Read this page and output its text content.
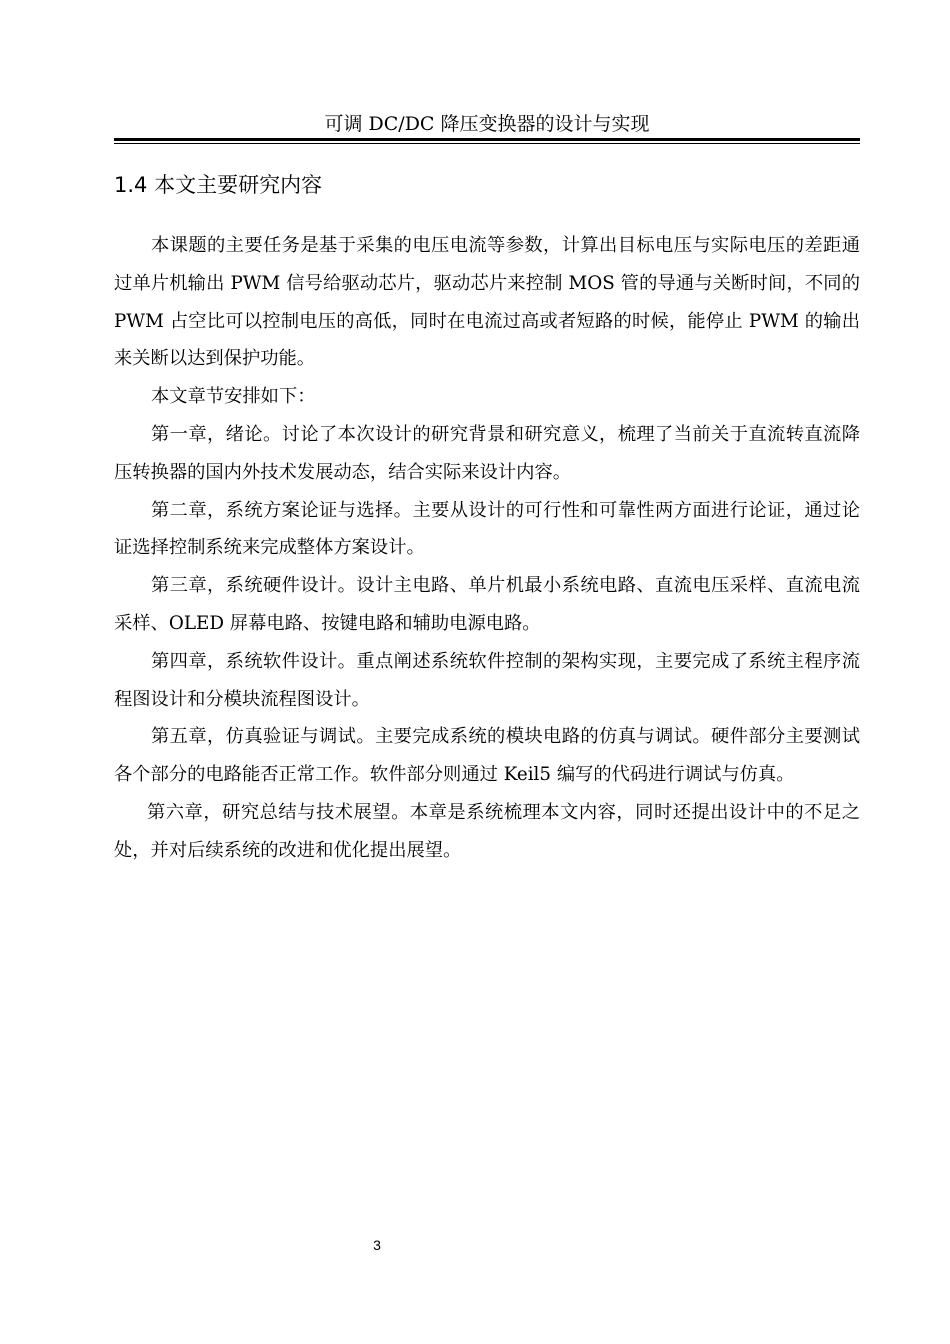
可调 DC/DC 降压变换器的设计与实现
1.4 本文主要研究内容

本课题的主要任务是基于采集的电压电流等参数，计算出目标电压与实际电压的差距通过单片机输出 PWM 信号给驱动芯片，驱动芯片来控制 MOS 管的导通与关断时间，不同的 PWM 占空比可以控制电压的高低，同时在电流过高或者短路的时候，能停止 PWM 的输出来关断以达到保护功能。

本文章节安排如下：

第一章，绪论。讨论了本次设计的研究背景和研究意义，梳理了当前关于直流转直流降压转换器的国内外技术发展动态，结合实际来设计内容。

第二章，系统方案论证与选择。主要从设计的可行性和可靠性两方面进行论证，通过论证选择控制系统来完成整体方案设计。

第三章，系统硬件设计。设计主电路、单片机最小系统电路、直流电压采样、直流电流采样、OLED 屏幕电路、按键电路和辅助电源电路。

第四章，系统软件设计。重点阐述系统软件控制的架构实现，主要完成了系统主程序流程图设计和分模块流程图设计。

第五章，仿真验证与调试。主要完成系统的模块电路的仿真与调试。硬件部分主要测试各个部分的电路能否正常工作。软件部分则通过 Keil5 编写的代码进行调试与仿真。

第六章，研究总结与技术展望。本章是系统梳理本文内容，同时还提出设计中的不足之处，并对后续系统的改进和优化提出展望。

3
